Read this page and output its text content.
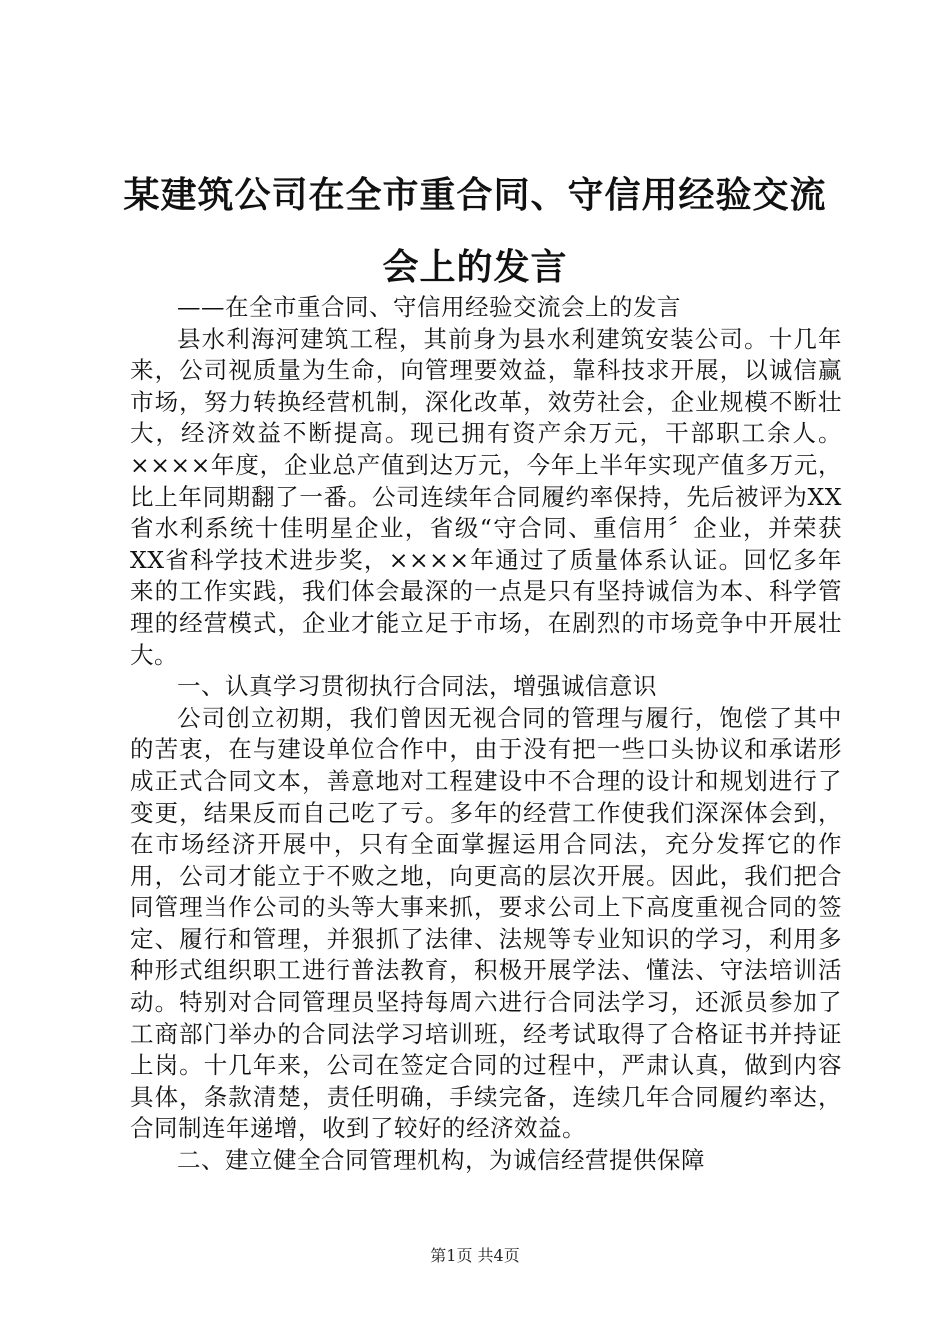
某建筑公司在全市重合同、守信用经验交流会上的发言

——在全市重合同、守信用经验交流会上的发言

县水利海河建筑工程，其前身为县水利建筑安装公司。十几年来，公司视质量为生命，向管理要效益，靠科技求开展，以诚信赢市场，努力转换经营机制，深化改革，效劳社会，企业规模不断壮大，经济效益不断提高。现已拥有资产余万元，干部职工余人。××××年度，企业总产值到达万元，今年上半年实现产值多万元，比上年同期翻了一番。公司连续年合同履约率保持，先后被评为XX省水利系统十佳明星企业，省级“守合同、重信用〞企业，并荣获XX省科学技术进步奖，××××年通过了质量体系认证。回忆多年来的工作实践，我们体会最深的一点是只有坚持诚信为本、科学管理的经营模式，企业才能立足于市场，在剧烈的市场竞争中开展壮大。

一、认真学习贯彻执行合同法，增强诚信意识

公司创立初期，我们曾因无视合同的管理与履行，饱偿了其中的苦衷，在与建设单位合作中，由于没有把一些口头协议和承诺形成正式合同文本，善意地对工程建设中不合理的设计和规划进行了变更，结果反而自己吃了亏。多年的经营工作使我们深深体会到，在市场经济开展中，只有全面掌握运用合同法，充分发挥它的作用，公司才能立于不败之地，向更高的层次开展。因此，我们把合同管理当作公司的头等大事来抓，要求公司上下高度重视合同的签定、履行和管理，并狠抓了法律、法规等专业知识的学习，利用多种形式组织职工进行普法教育，积极开展学法、懂法、守法培训活动。特别对合同管理员坚持每周六进行合同法学习，还派员参加了工商部门举办的合同法学习培训班，经考试取得了合格证书并持证上岗。十几年来，公司在签定合同的过程中，严肃认真，做到内容具体，条款清楚，责任明确，手续完备，连续几年合同履约率达，合同制连年递增，收到了较好的经济效益。

二、建立健全合同管理机构，为诚信经营提供保障

第1页 共4页
